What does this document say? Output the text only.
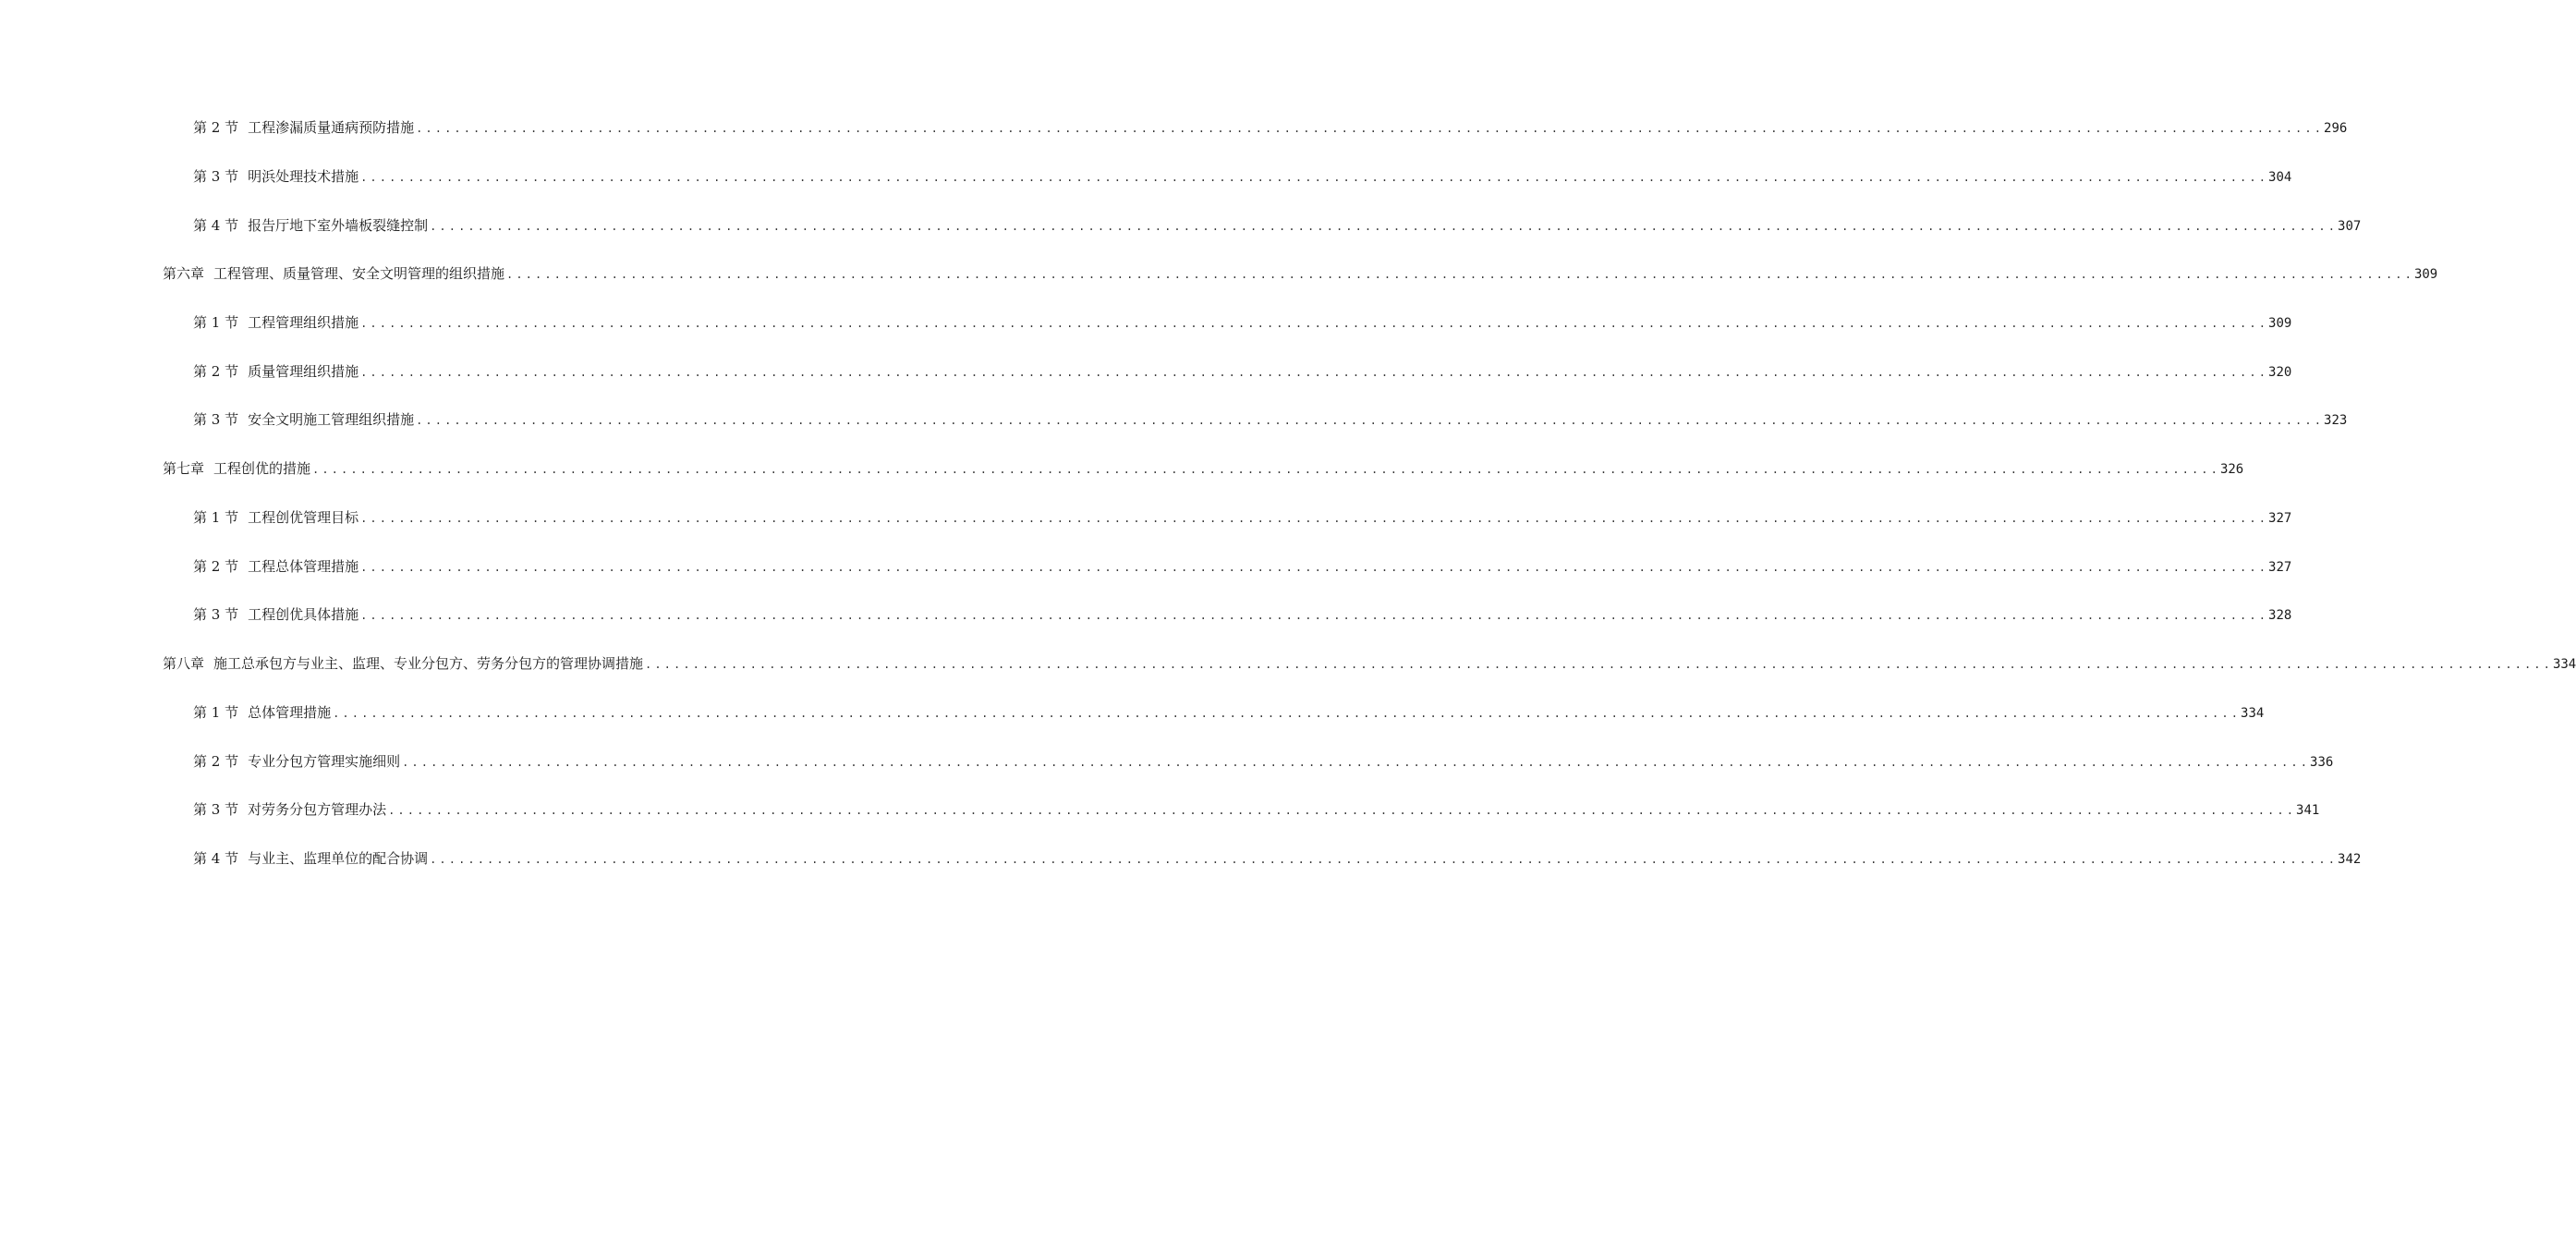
第 2 节 工程渗漏质量通病预防措施 ........................................................................................................................................................................................................ 296
第 3 节 明浜处理技术措施 ........................................................................................................................................................................................................ 304
第 4 节 报告厅地下室外墙板裂缝控制 ........................................................................................................................................................................................................ 307
第六章 工程管理、质量管理、安全文明管理的组织措施 ........................................................................................................................................................................................................ 309
第 1 节 工程管理组织措施 ........................................................................................................................................................................................................ 309
第 2 节 质量管理组织措施 ........................................................................................................................................................................................................ 320
第 3 节 安全文明施工管理组织措施 ........................................................................................................................................................................................................ 323
第七章 工程创优的措施 ........................................................................................................................................................................................................ 326
第 1 节 工程创优管理目标 ........................................................................................................................................................................................................ 327
第 2 节 工程总体管理措施 ........................................................................................................................................................................................................ 327
第 3 节 工程创优具体措施 ........................................................................................................................................................................................................ 328
第八章 施工总承包方与业主、监理、专业分包方、劳务分包方的管理协调措施 ........................................................................................................................................................................................................ 334
第 1 节 总体管理措施 ........................................................................................................................................................................................................ 334
第 2 节 专业分包方管理实施细则 ........................................................................................................................................................................................................ 336
第 3 节 对劳务分包方管理办法 ........................................................................................................................................................................................................ 341
第 4 节 与业主、监理单位的配合协调 ........................................................................................................................................................................................................ 342
